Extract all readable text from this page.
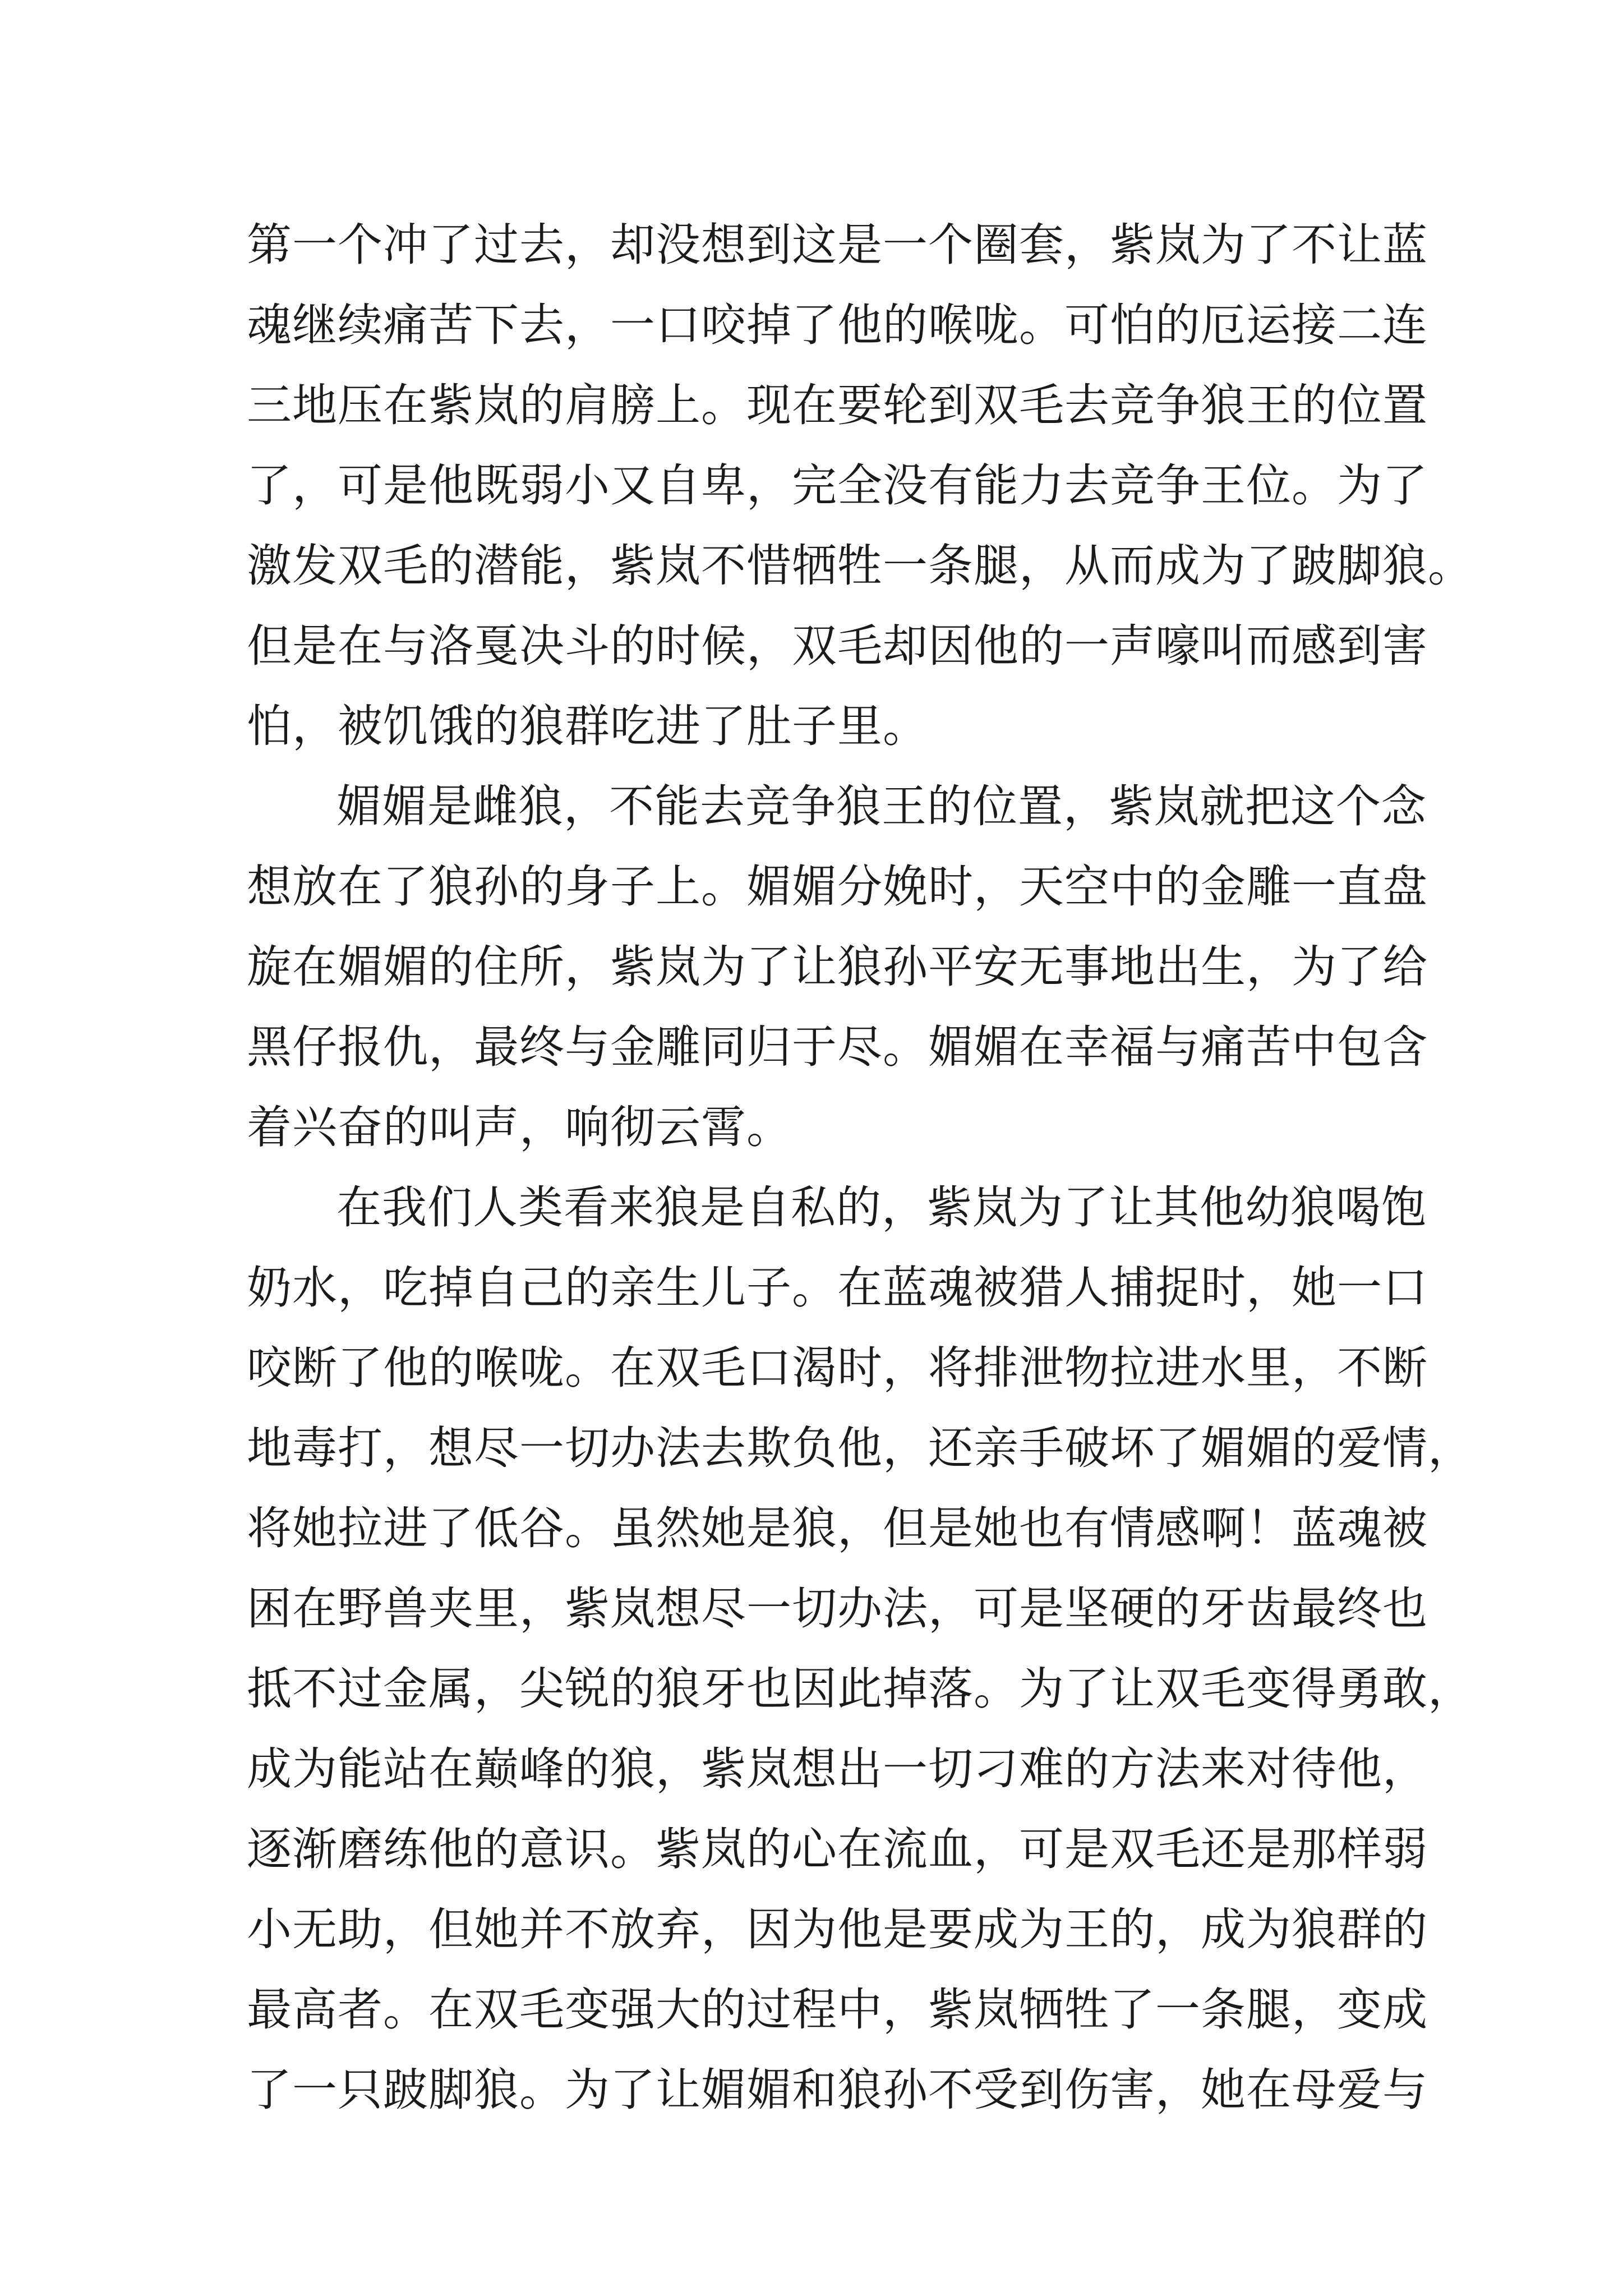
第一个冲了过去，却没想到这是一个圈套，紫岚为了不让蓝
魂继续痛苦下去，一口咬掉了他的喉咙。可怕的厄运接二连
三地压在紫岚的肩膀上。现在要轮到双毛去竞争狼王的位置
了，可是他既弱小又自卑，完全没有能力去竞争王位。为了
激发双毛的潜能，紫岚不惜牺牲一条腿，从而成为了跛脚狼。
但是在与洛戛决斗的时候，双毛却因他的一声嚎叫而感到害
怕，被饥饿的狼群吃进了肚子里。
媚媚是雌狼，不能去竞争狼王的位置，紫岚就把这个念
想放在了狼孙的身子上。媚媚分娩时，天空中的金雕一直盘
旋在媚媚的住所，紫岚为了让狼孙平安无事地出生，为了给
黑仔报仇，最终与金雕同归于尽。媚媚在幸福与痛苦中包含
着兴奋的叫声，响彻云霄。
在我们人类看来狼是自私的，紫岚为了让其他幼狼喝饱
奶水，吃掉自己的亲生儿子。在蓝魂被猎人捕捉时，她一口
咬断了他的喉咙。在双毛口渴时，将排泄物拉进水里，不断
地毒打，想尽一切办法去欺负他，还亲手破坏了媚媚的爱情，
将她拉进了低谷。虽然她是狼，但是她也有情感啊！蓝魂被
困在野兽夹里，紫岚想尽一切办法，可是坚硬的牙齿最终也
抵不过金属，尖锐的狼牙也因此掉落。为了让双毛变得勇敢，
成为能站在巅峰的狼，紫岚想出一切刁难的方法来对待他，
逐渐磨练他的意识。紫岚的心在流血，可是双毛还是那样弱
小无助，但她并不放弃，因为他是要成为王的，成为狼群的
最高者。在双毛变强大的过程中，紫岚牺牲了一条腿，变成
了一只跛脚狼。为了让媚媚和狼孙不受到伤害，她在母爱与
